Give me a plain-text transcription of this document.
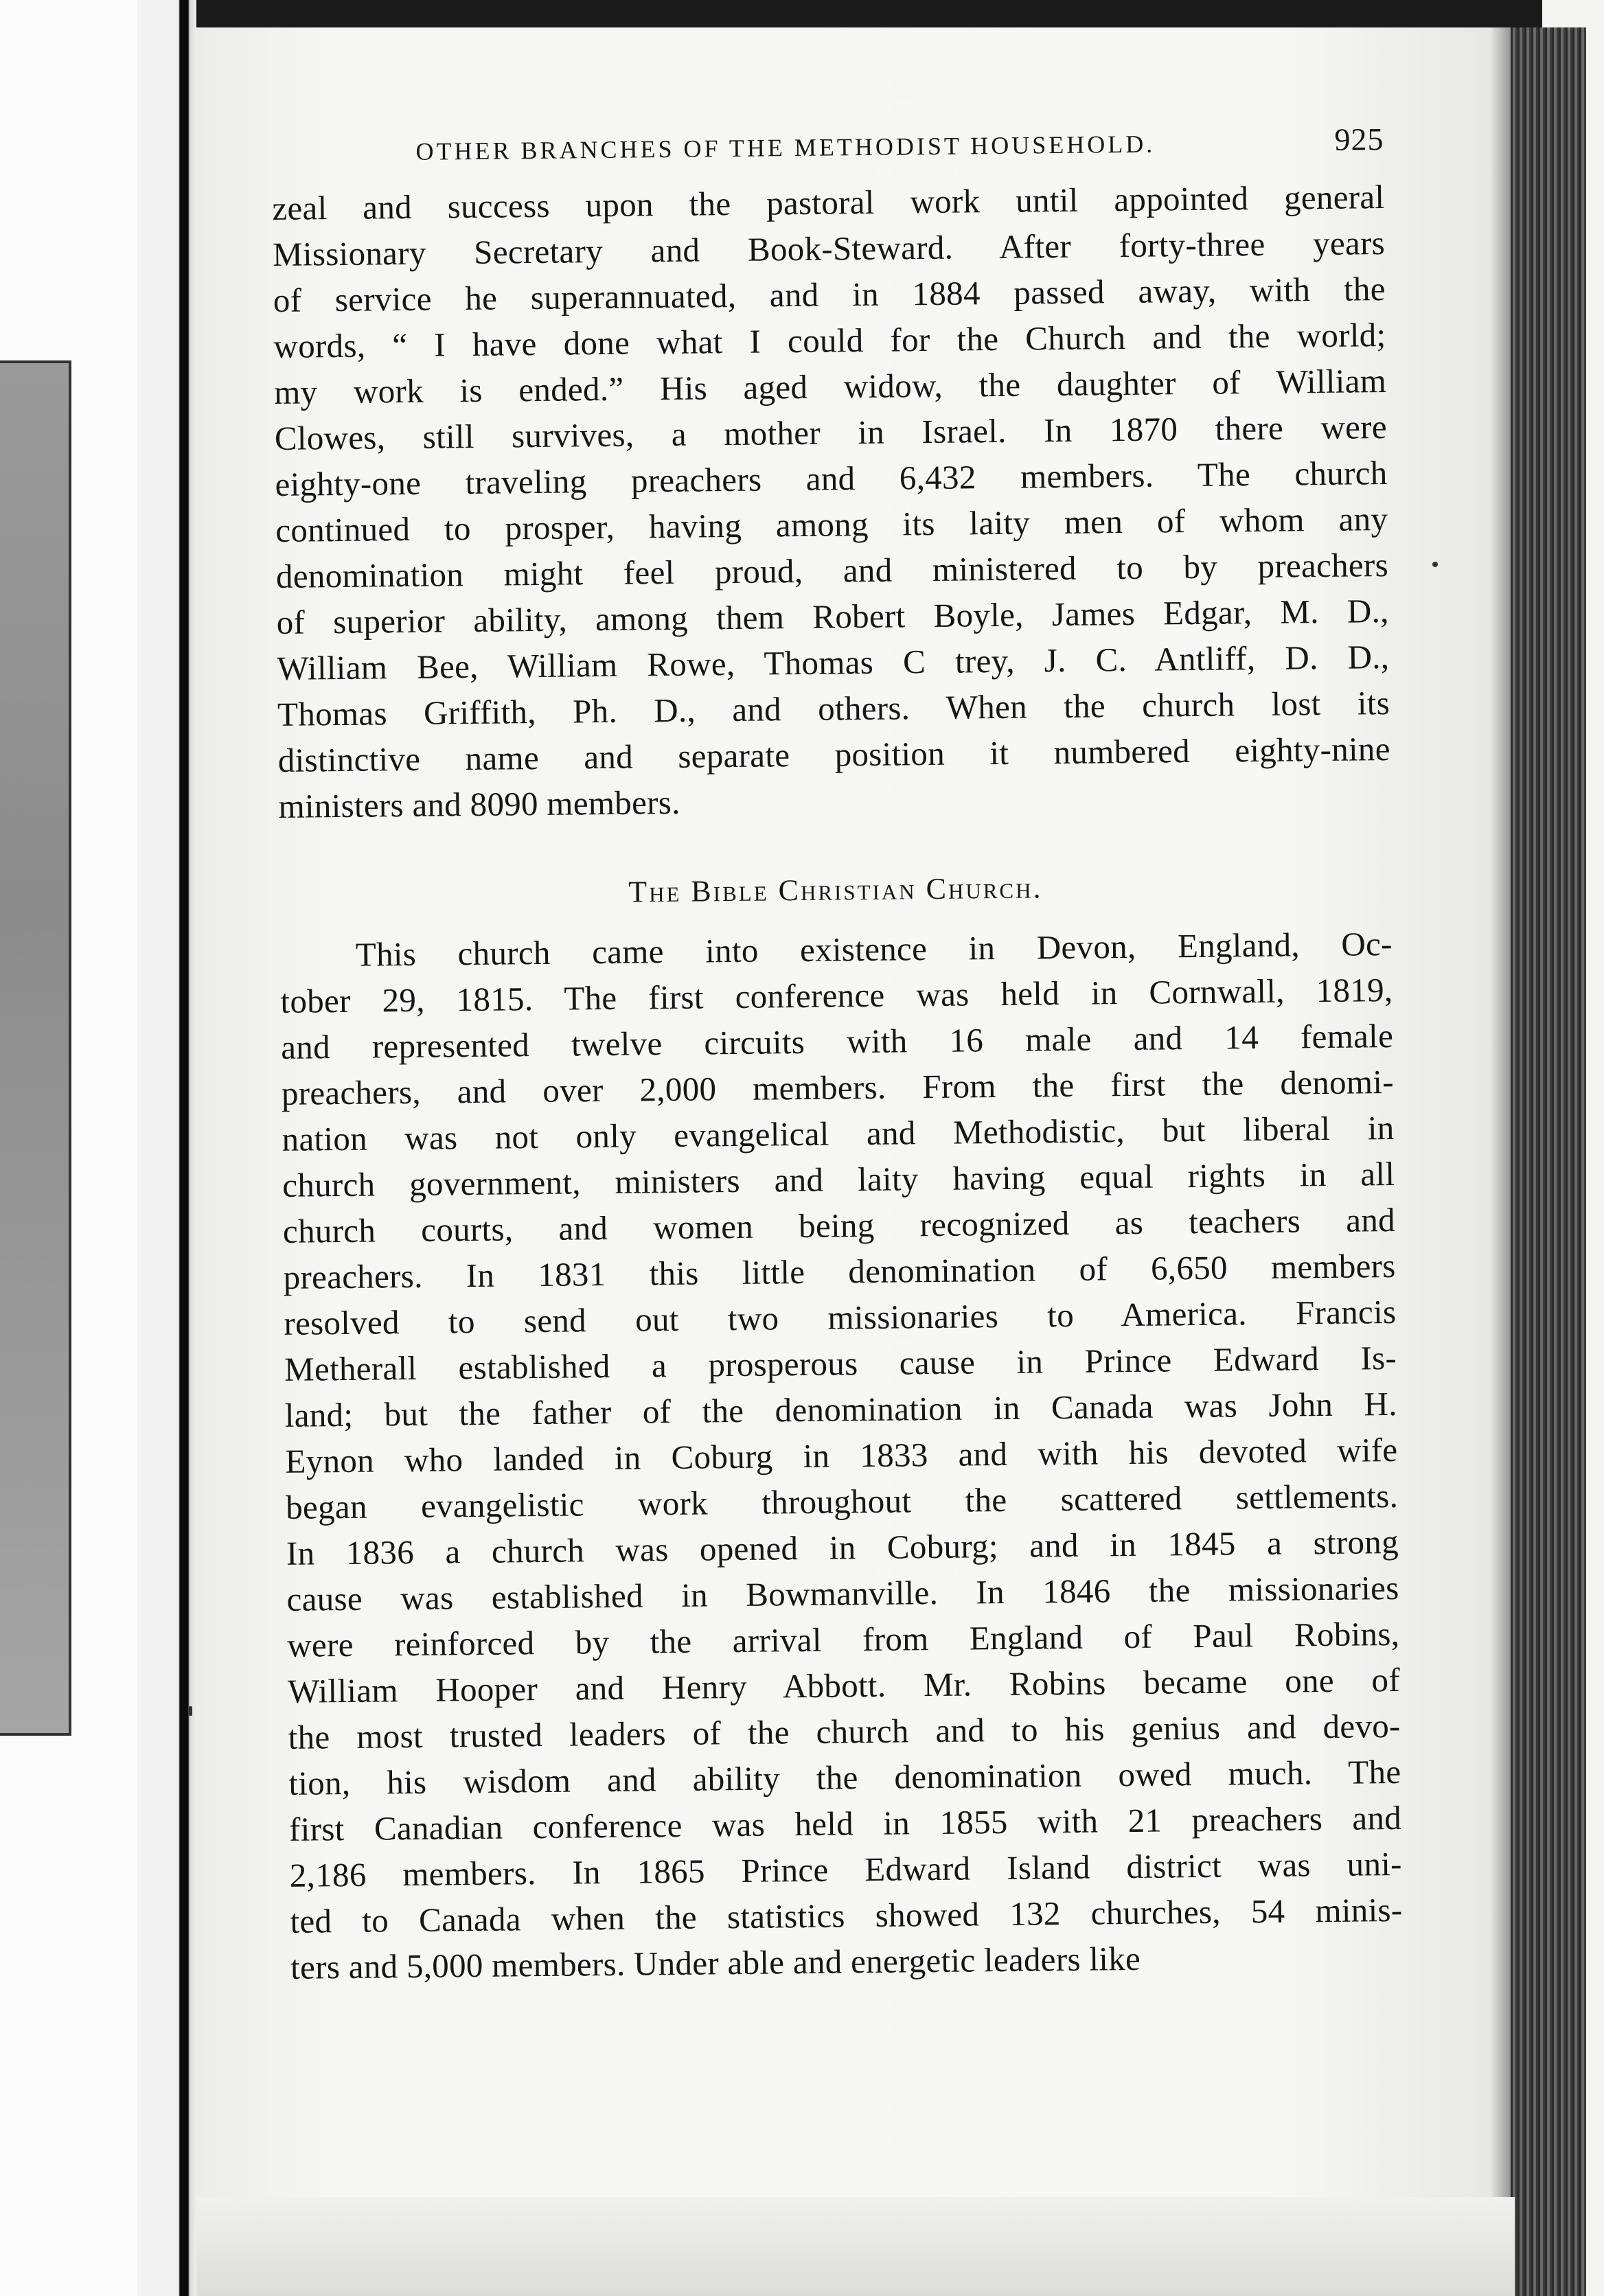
OTHER BRANCHES OF THE METHODIST HOUSEHOLD.	925

zeal and success upon the pastoral work until appointed general
Missionary Secretary and Book-Steward. After forty-three years
of service he superannuated, and in 1884 passed away, with the
words, “ I have done what I could for the Church and the world;
my work is ended.” His aged widow, the daughter of William
Clowes, still survives, a mother in Israel. In 1870 there were
eighty-one traveling preachers and 6,432 members. The church
continued to prosper, having among its laity men of whom any
denomination might feel proud, and ministered to by preachers
of superior ability, among them Robert Boyle, James Edgar, M. D.,
William Bee, William Rowe, Thomas C trey, J. C. Antliff, D. D.,
Thomas Griffith, Ph. D., and others. When the church lost its
distinctive name and separate position it numbered eighty-nine
ministers and 8090 members.

The Bible Christian Church.

This church came into existence in Devon, England, Oc-
tober 29, 1815. The first conference was held in Cornwall, 1819,
and represented twelve circuits with 16 male and 14 female
preachers, and over 2,000 members. From the first the denomi-
nation was not only evangelical and Methodistic, but liberal in
church government, ministers and laity having equal rights in all
church courts, and women being recognized as teachers and
preachers. In 1831 this little denomination of 6,650 members
resolved to send out two missionaries to America. Francis
Metherall established a prosperous cause in Prince Edward Is-
land; but the father of the denomination in Canada was John H.
Eynon who landed in Coburg in 1833 and with his devoted wife
began evangelistic work throughout the scattered settlements.
In 1836 a church was opened in Coburg; and in 1845 a strong
cause was established in Bowmanville. In 1846 the missionaries
were reinforced by the arrival from England of Paul Robins,
William Hooper and Henry Abbott. Mr. Robins became one of
the most trusted leaders of the church and to his genius and devo-
tion, his wisdom and ability the denomination owed much. The
first Canadian conference was held in 1855 with 21 preachers and
2,186 members. In 1865 Prince Edward Island district was uni-
ted to Canada when the statistics showed 132 churches, 54 minis-
ters and 5,000 members. Under able and energetic leaders like
